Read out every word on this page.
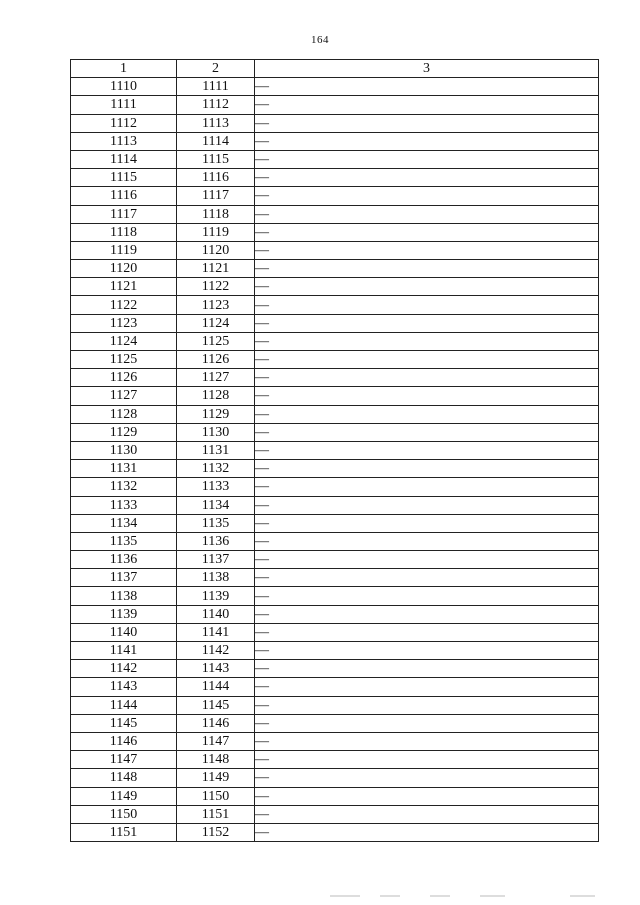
164
1	2	3
1110	1111	—
1111	1112	—
1112	1113	—
1113	1114	—
1114	1115	—
1115	1116	—
1116	1117	—
1117	1118	—
1118	1119	—
1119	1120	—
1120	1121	—
1121	1122	—
1122	1123	—
1123	1124	—
1124	1125	—
1125	1126	—
1126	1127	—
1127	1128	—
1128	1129	—
1129	1130	—
1130	1131	—
1131	1132	—
1132	1133	—
1133	1134	—
1134	1135	—
1135	1136	—
1136	1137	—
1137	1138	—
1138	1139	—
1139	1140	—
1140	1141	—
1141	1142	—
1142	1143	—
1143	1144	—
1144	1145	—
1145	1146	—
1146	1147	—
1147	1148	—
1148	1149	—
1149	1150	—
1150	1151	—
1151	1152	—
